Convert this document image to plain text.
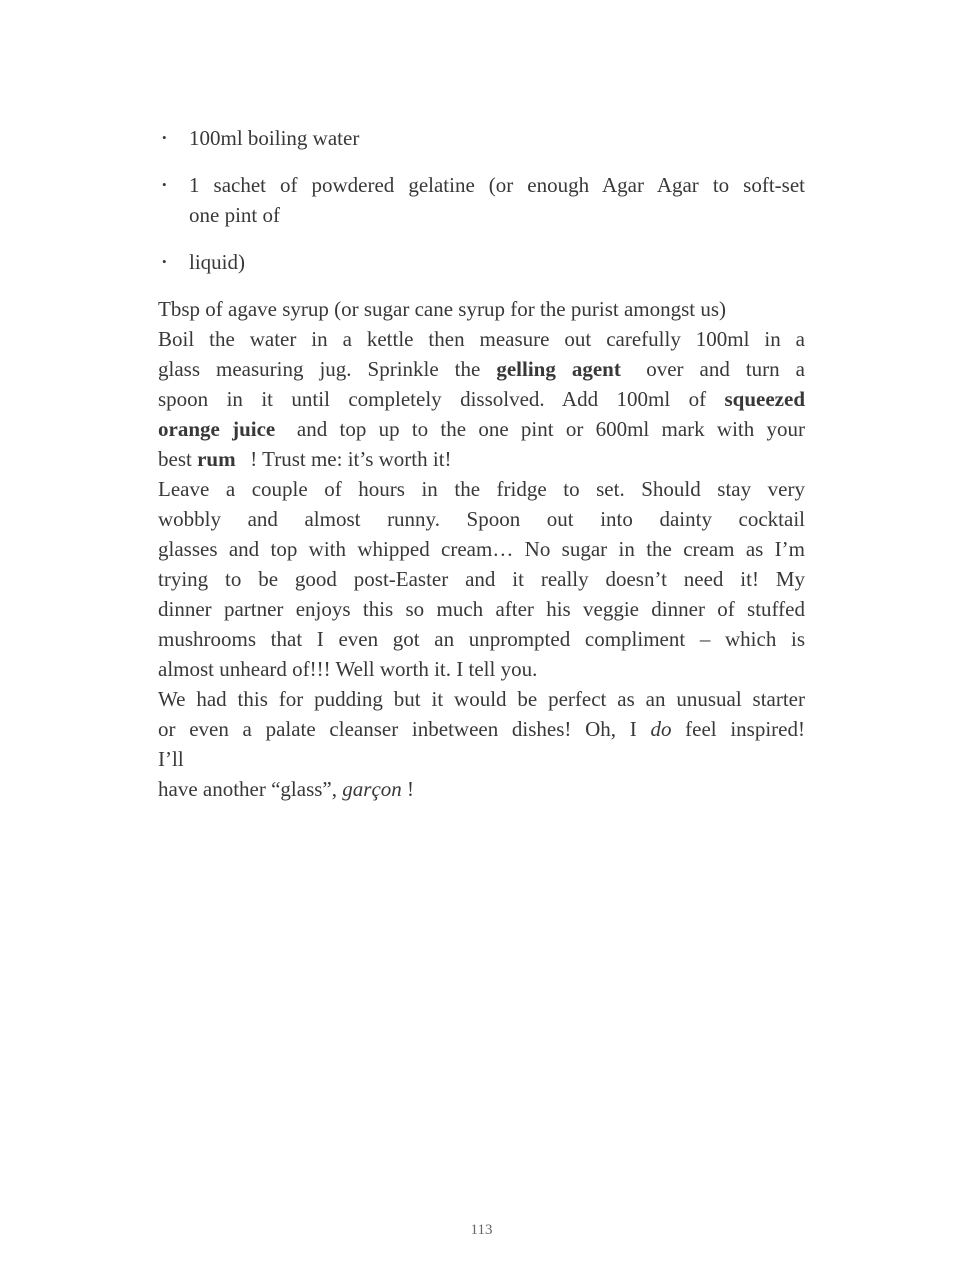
•	100ml boiling water
•	1 sachet of powdered gelatine (or enough Agar Agar to soft-set
one pint of
•	liquid)
Tbsp of agave syrup (or sugar cane syrup for the purist amongst us)
Boil the water in a kettle then measure out carefully 100ml in a
glass measuring jug. Sprinkle the gelling agent over and turn a
spoon in it until completely dissolved. Add 100ml of squeezed
orange juice and top up to the one pint or 600ml mark with your
best rum ! Trust me: it’s worth it!
Leave a couple of hours in the fridge to set. Should stay very
wobbly and almost runny. Spoon out into dainty cocktail
glasses and top with whipped cream… No sugar in the cream as I’m
trying to be good post-Easter and it really doesn’t need it! My
dinner partner enjoys this so much after his veggie dinner of stuffed
mushrooms that I even got an unprompted compliment – which is
almost unheard of!!! Well worth it. I tell you.
We had this for pudding but it would be perfect as an unusual starter
or even a palate cleanser inbetween dishes! Oh, I do feel inspired!
I’ll
have another “glass”, garçon !
113
